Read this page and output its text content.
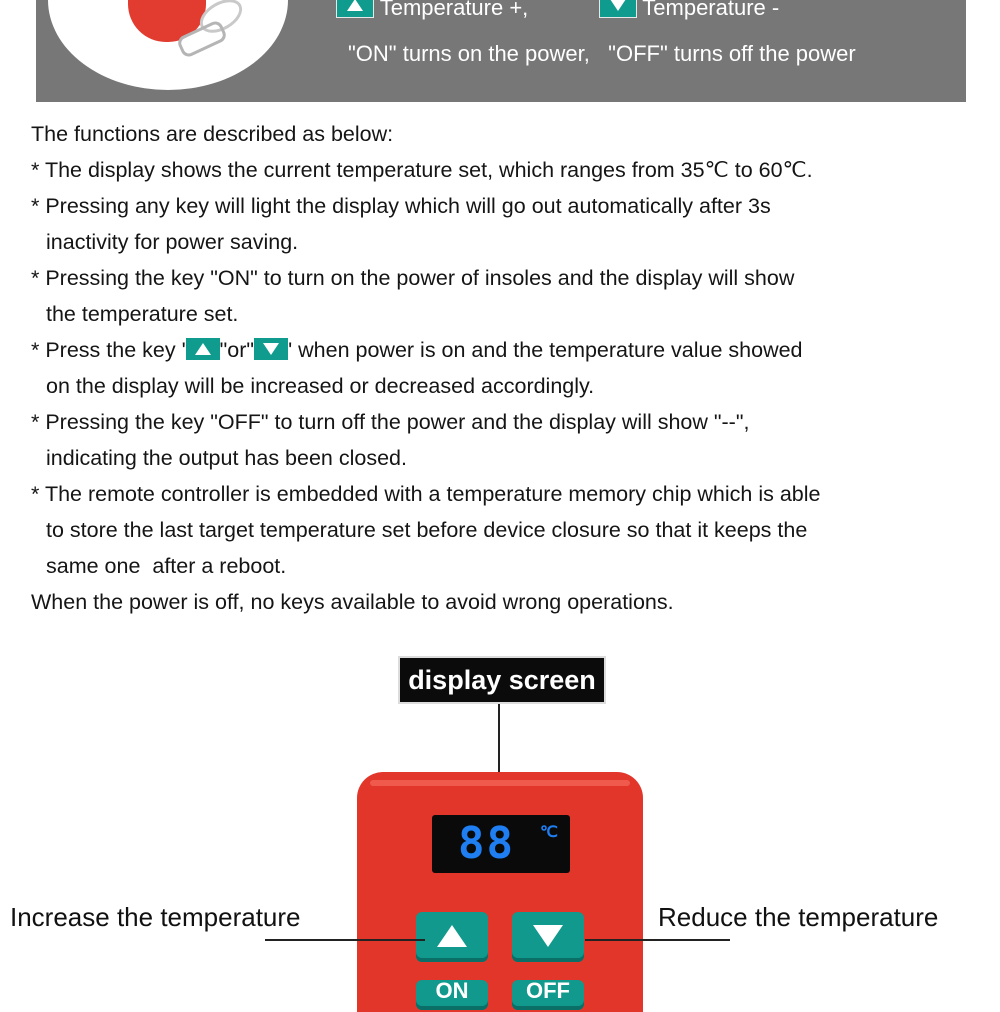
Temperature +,	Temperature -
"ON" turns on the power,   "OFF" turns off the power

The functions are described as below:

* The display shows the current temperature set, which ranges from 35℃ to 60℃.

* Pressing any key will light the display which will go out automatically after 3s

inactivity for power saving.

* Pressing the key "ON" to turn on the power of insoles and the display will show

the temperature set.

* Press the key ' "or" ' when power is on and the temperature value showed

on the display will be increased or decreased accordingly.

* Pressing the key "OFF" to turn off the power and the display will show "--",

indicating the output has been closed.

* The remote controller is embedded with a temperature memory chip which is able

to store the last target temperature set before device closure so that it keeps the

same one  after a reboot.

When the power is off, no keys available to avoid wrong operations.

display screen
88 ℃
ON	OFF
Increase the temperature	Reduce the temperature
